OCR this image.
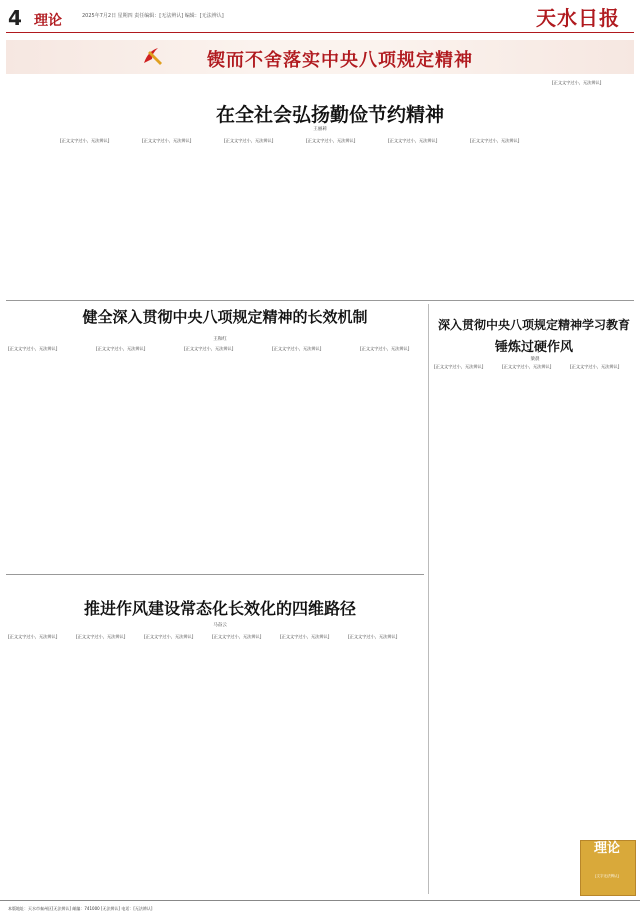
4 理论	2025年7月2日 星期四 责任编辑：[无法辨认] 编辑：[无法辨认]	天水日报
锲而不舍落实中央八项规定精神
在全社会弘扬勤俭节约精神
王丽莉

[正文文字过小，无法辨认]	[正文文字过小，无法辨认]	[正文文字过小，无法辨认]	[正文文字过小，无法辨认]	[正文文字过小，无法辨认]	[正文文字过小，无法辨认]

[正文文字过小，无法辨认]

健全深入贯彻中央八项规定精神的长效机制
王和红

[正文文字过小，无法辨认]	[正文文字过小，无法辨认]	[正文文字过小，无法辨认]	[正文文字过小，无法辨认]	[正文文字过小，无法辨认]

深入贯彻中央八项规定精神学习教育
锤炼过硬作风
梁晨

[正文文字过小，无法辨认]	[正文文字过小，无法辨认]	[正文文字过小，无法辨认]

推进作风建设常态化长效化的四维路径
马奋云

[正文文字过小，无法辨认]	[正文文字过小，无法辨认]	[正文文字过小，无法辨认]	[正文文字过小，无法辨认]	[正文文字过小，无法辨认]	[正文文字过小，无法辨认]

理论
[文字无法辨认]
本版地址：天水市秦州区[无法辨认] 邮编：741000 [无法辨认] 电话：[无法辨认]
